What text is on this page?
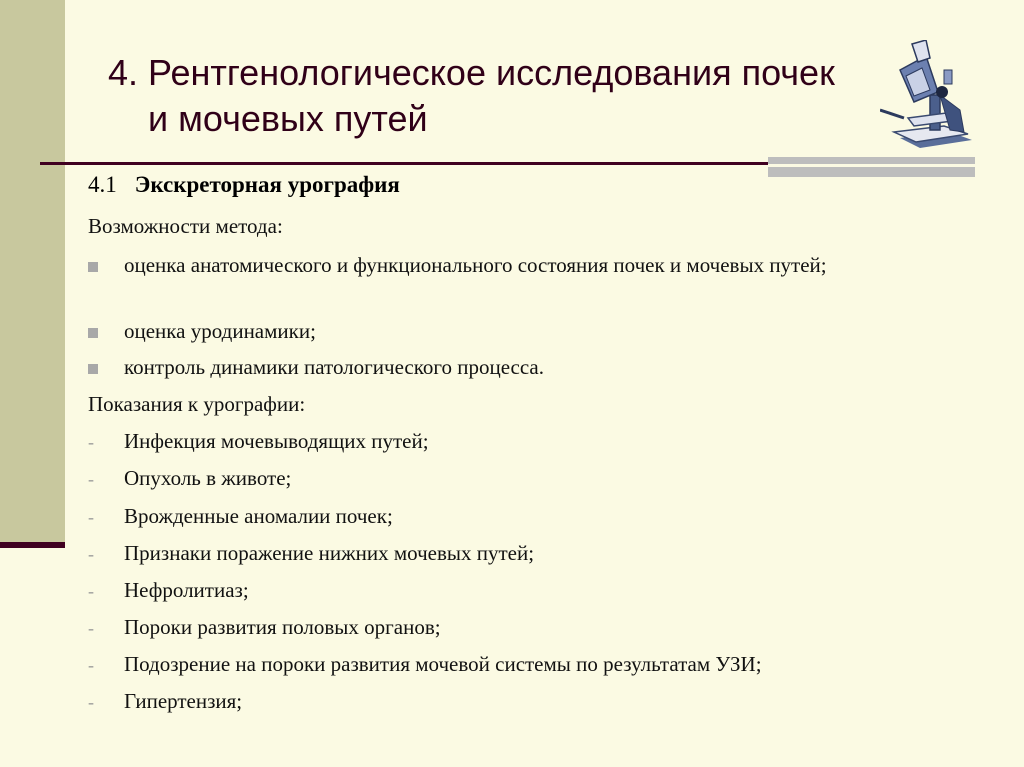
4. Рентгенологическое исследования почек
и мочевых путей
4.1 Экскреторная урография
Возможности метода:
оценка анатомического и функционального состояния почек и мочевых путей;
оценка уродинамики;
контроль динамики патологического процесса.
Показания к урографии:
-	Инфекция мочевыводящих путей;
-	Опухоль в животе;
-	Врожденные аномалии почек;
-	Признаки поражение нижних мочевых путей;
-	Нефролитиаз;
-	Пороки развития половых органов;
-	Подозрение на пороки развития мочевой системы по результатам УЗИ;
-	Гипертензия;
